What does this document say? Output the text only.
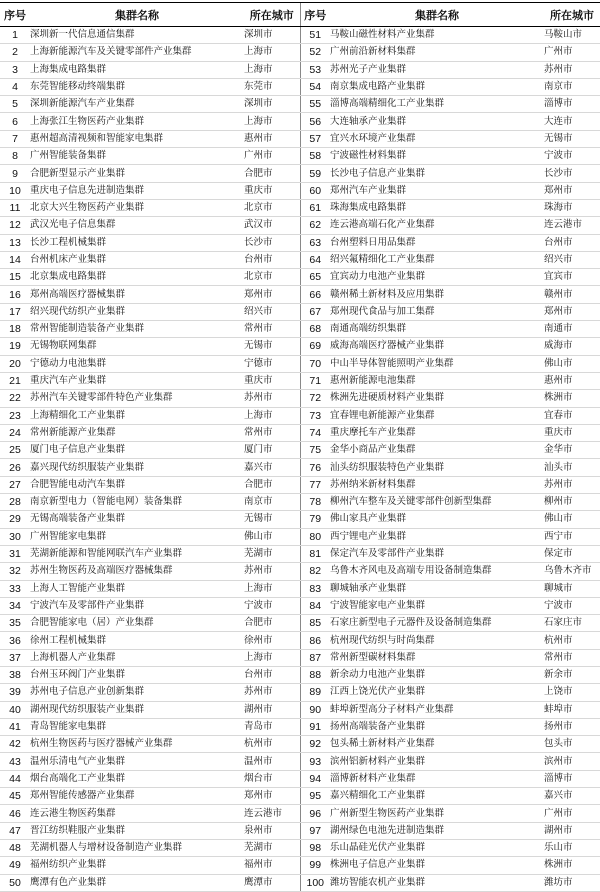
序号	集群名称	所在城市	序号	集群名称	所在城市
1	深圳新一代信息通信集群	深圳市	51	马鞍山磁性材料产业集群	马鞍山市
2	上海新能源汽车及关键零部件产业集群	上海市	52	广州前沿新材料集群	广州市
3	上海集成电路集群	上海市	53	苏州光子产业集群	苏州市
4	东莞智能移动终端集群	东莞市	54	南京集成电路产业集群	南京市
5	深圳新能源汽车产业集群	深圳市	55	淄博高端精细化工产业集群	淄博市
6	上海张江生物医药产业集群	上海市	56	大连轴承产业集群	大连市
7	惠州超高清视频和智能家电集群	惠州市	57	宜兴水环境产业集群	无锡市
8	广州智能装备集群	广州市	58	宁波磁性材料集群	宁波市
9	合肥新型显示产业集群	合肥市	59	长沙电子信息产业集群	长沙市
10	重庆电子信息先进制造集群	重庆市	60	郑州汽车产业集群	郑州市
11	北京大兴生物医药产业集群	北京市	61	珠海集成电路集群	珠海市
12	武汉光电子信息集群	武汉市	62	连云港高端石化产业集群	连云港市
13	长沙工程机械集群	长沙市	63	台州塑料日用品集群	台州市
14	台州机床产业集群	台州市	64	绍兴氟精细化工产业集群	绍兴市
15	北京集成电路集群	北京市	65	宜宾动力电池产业集群	宜宾市
16	郑州高端医疗器械集群	郑州市	66	赣州稀土新材料及应用集群	赣州市
17	绍兴现代纺织产业集群	绍兴市	67	郑州现代食品与加工集群	郑州市
18	常州智能制造装备产业集群	常州市	68	南通高端纺织集群	南通市
19	无锡物联网集群	无锡市	69	威海高端医疗器械产业集群	威海市
20	宁德动力电池集群	宁德市	70	中山半导体智能照明产业集群	佛山市
21	重庆汽车产业集群	重庆市	71	惠州新能源电池集群	惠州市
22	苏州汽车关键零部件特色产业集群	苏州市	72	株洲先进硬质材料产业集群	株洲市
23	上海精细化工产业集群	上海市	73	宜春锂电新能源产业集群	宜春市
24	常州新能源产业集群	常州市	74	重庆摩托车产业集群	重庆市
25	厦门电子信息产业集群	厦门市	75	金华小商品产业集群	金华市
26	嘉兴现代纺织服装产业集群	嘉兴市	76	汕头纺织服装特色产业集群	汕头市
27	合肥智能电动汽车集群	合肥市	77	苏州纳米新材料集群	苏州市
28	南京新型电力（智能电网）装备集群	南京市	78	柳州汽车整车及关键零部件创新型集群	柳州市
29	无锡高端装备产业集群	无锡市	79	佛山家具产业集群	佛山市
30	广州智能家电集群	佛山市	80	西宁锂电产业集群	西宁市
31	芜湖新能源和智能网联汽车产业集群	芜湖市	81	保定汽车及零部件产业集群	保定市
32	苏州生物医药及高端医疗器械集群	苏州市	82	乌鲁木齐风电及高端专用设备制造集群	乌鲁木齐市
33	上海人工智能产业集群	上海市	83	聊城轴承产业集群	聊城市
34	宁波汽车及零部件产业集群	宁波市	84	宁波智能家电产业集群	宁波市
35	合肥智能家电（居）产业集群	合肥市	85	石家庄新型电子元器件及设备制造集群	石家庄市
36	徐州工程机械集群	徐州市	86	杭州现代纺织与时尚集群	杭州市
37	上海机器人产业集群	上海市	87	常州新型碳材料集群	常州市
38	台州玉环阀门产业集群	台州市	88	新余动力电池产业集群	新余市
39	苏州电子信息产业创新集群	苏州市	89	江西上饶光伏产业集群	上饶市
40	湖州现代纺织服装产业集群	湖州市	90	蚌埠新型高分子材料产业集群	蚌埠市
41	青岛智能家电集群	青岛市	91	扬州高端装备产业集群	扬州市
42	杭州生物医药与医疗器械产业集群	杭州市	92	包头稀土新材料产业集群	包头市
43	温州乐清电气产业集群	温州市	93	滨州铝新材料产业集群	滨州市
44	烟台高端化工产业集群	烟台市	94	淄博新材料产业集群	淄博市
45	郑州智能传感器产业集群	郑州市	95	嘉兴精细化工产业集群	嘉兴市
46	连云港生物医药集群	连云港市	96	广州新型生物医药产业集群	广州市
47	晋江纺织鞋服产业集群	泉州市	97	湖州绿色电池先进制造集群	湖州市
48	芜湖机器人与增材设备制造产业集群	芜湖市	98	乐山晶硅光伏产业集群	乐山市
49	福州纺织产业集群	福州市	99	株洲电子信息产业集群	株洲市
50	鹰潭有色产业集群	鹰潭市	100	潍坊智能农机产业集群	潍坊市
